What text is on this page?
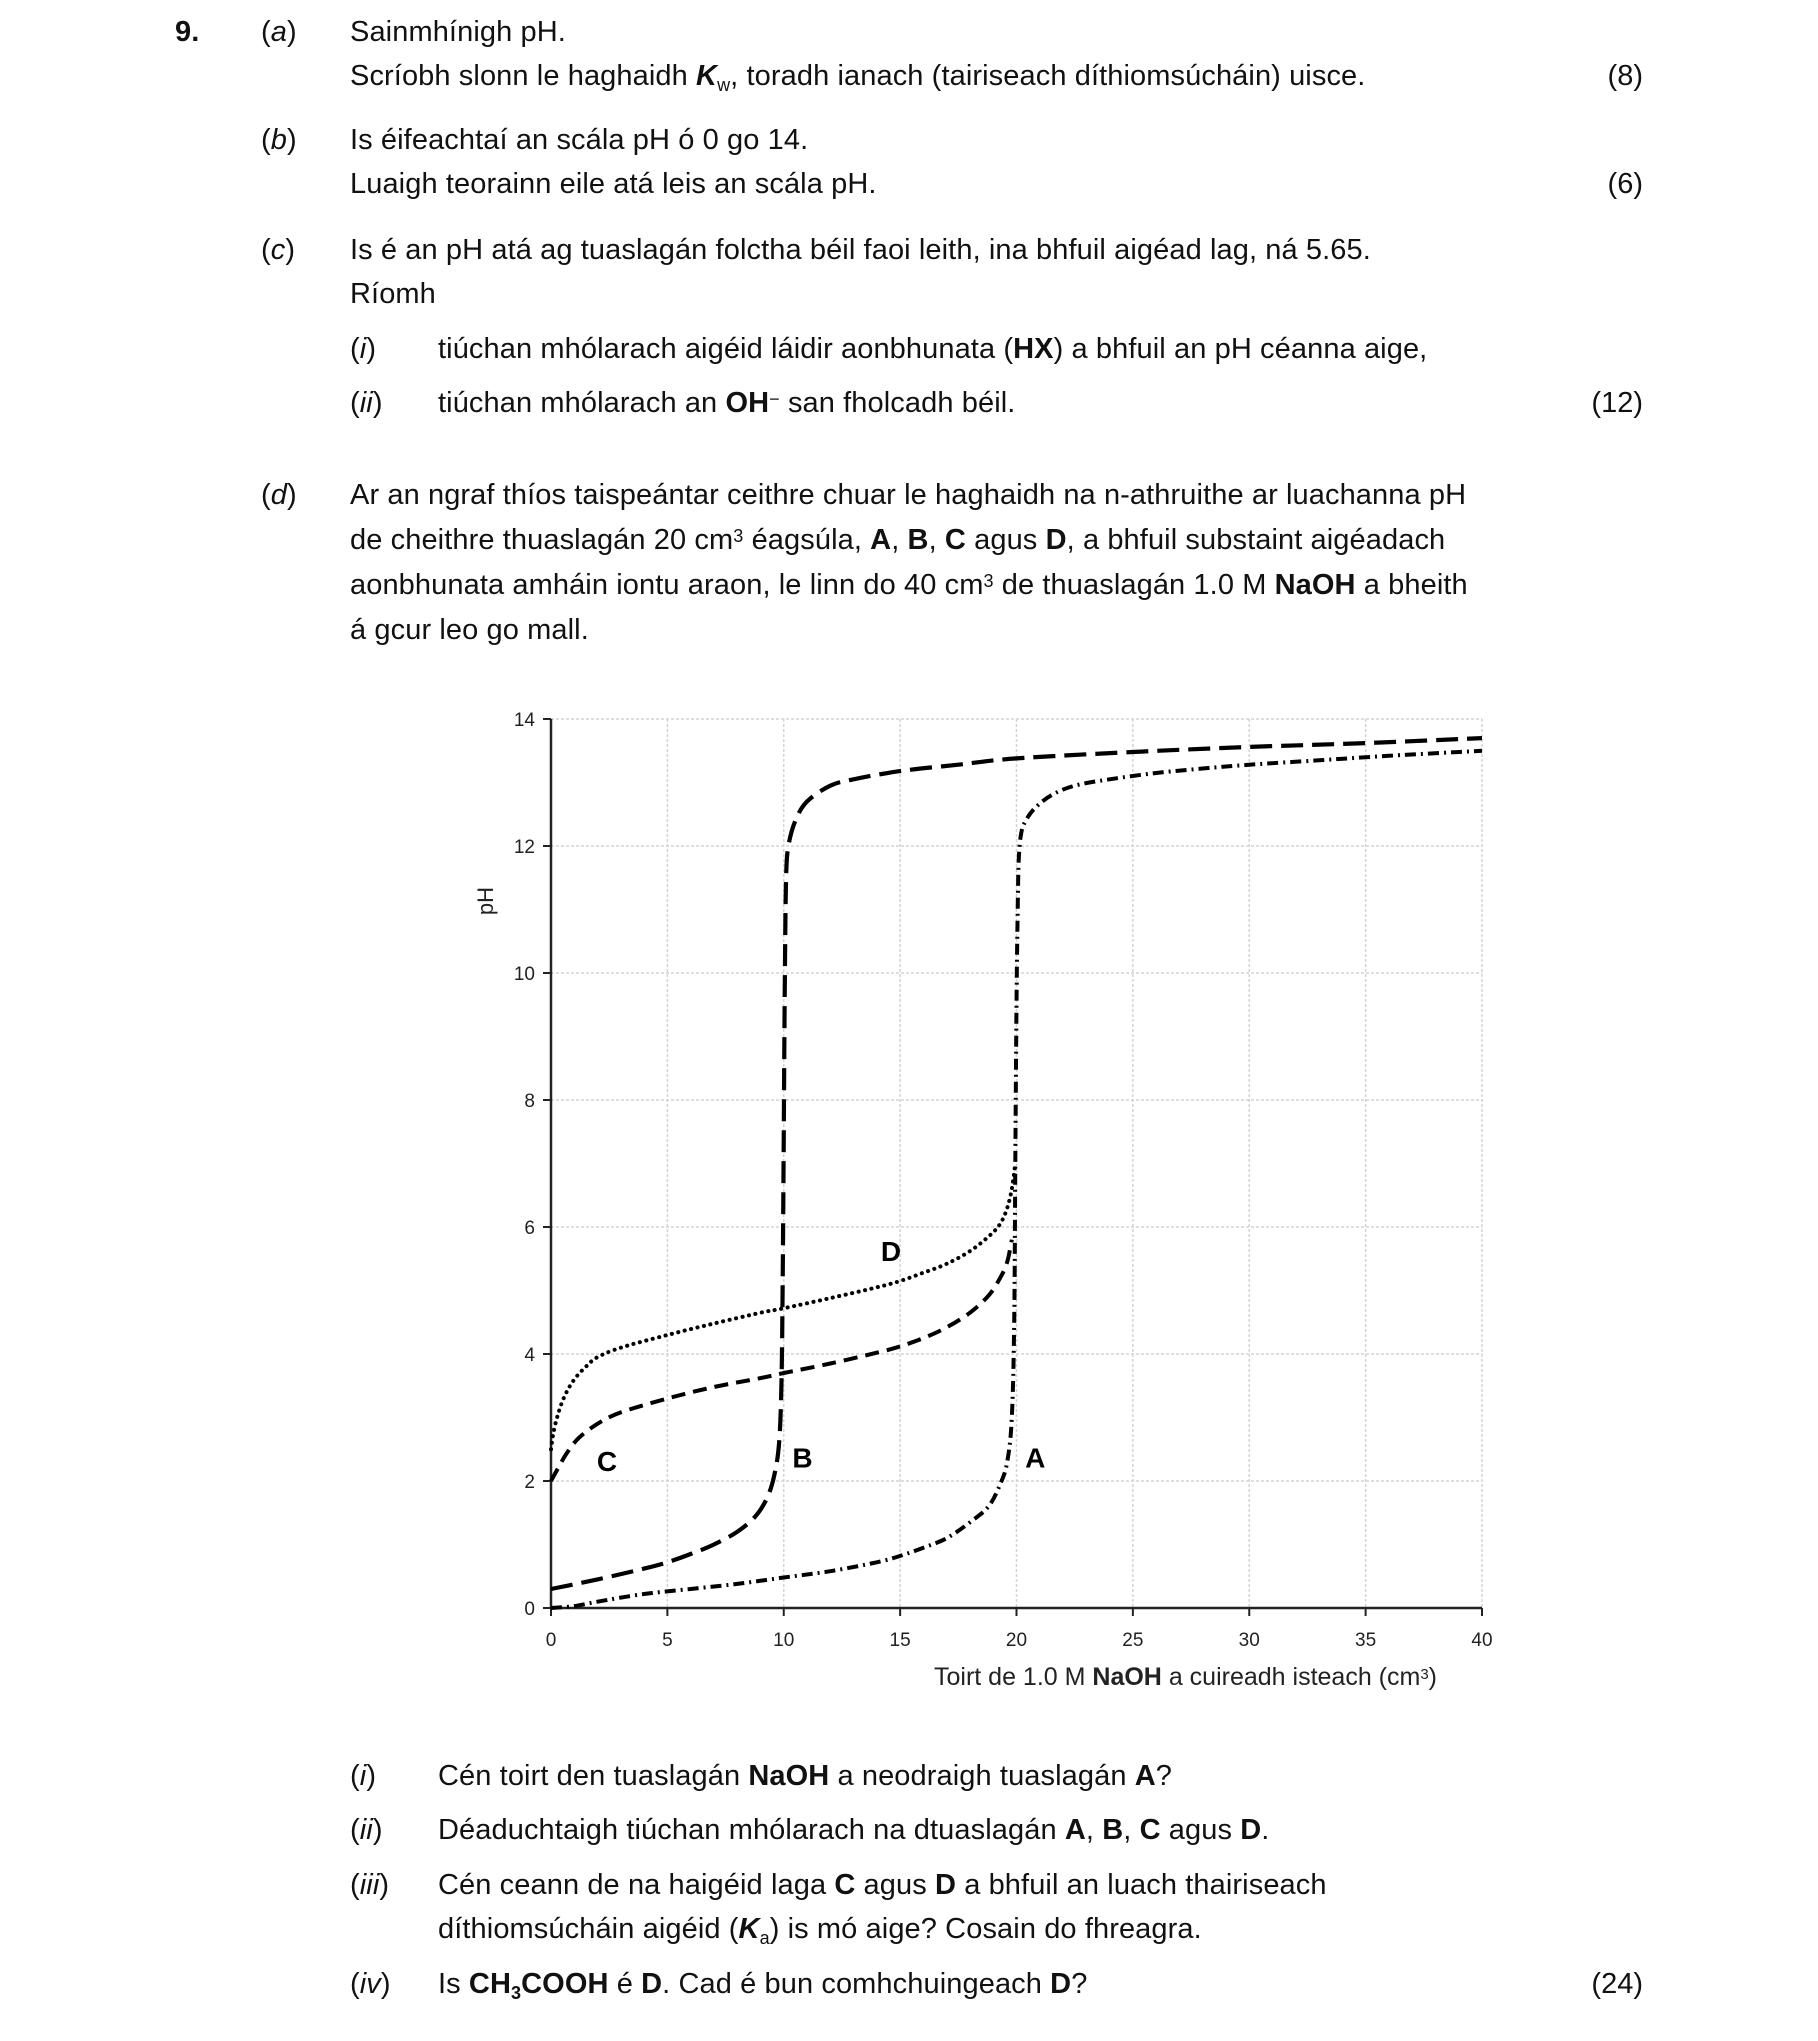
9. (a) Sainmhínigh pH.
Scríobh slonn le haghaidh $K_w$, toradh ianach (tairiseach díthiomsúcháin) uisce.	(8)
(b) Is éifeachtaí an scála pH ó 0 go 14.
Luaigh teorainn eile atá leis an scála pH.	(6)
(c) Is é an pH atá ag tuaslagán folctha béil faoi leith, ina bhfuil aigéad lag, ná 5.65.
Ríomh
(i) tiúchan mhólarach aigéid láidir aonbhunata (HX) a bhfuil an pH céanna aige,
(ii) tiúchan mhólarach an OH− san fholcadh béil.	(12)
(d) Ar an ngraf thíos taispeántar ceithre chuar le haghaidh na n-athruithe ar luachanna pH
de cheithre thuaslagán 20 $cm^3$ éagsúla, A, B, C agus D, a bhfuil substaint aigéadach
aonbhunata amháin iontu araon, le linn do 40 $cm^3$ de thuaslagán 1.0 M NaOH a bheith
á gcur leo go mall.
0
2
4
6
8
10
12
14
0	5	10	15	20	25	30	35	40
A
B
C
D
pH
Toirt de 1.0 M NaOH a cuireadh isteach $(cm^3)$
(i) Cén toirt den tuaslagán NaOH a neodraigh tuaslagán A?
(ii) Déaduchtaigh tiúchan mhólarach na dtuaslagán A, B, C agus D.
(iii) Cén ceann de na haigéid laga C agus D a bhfuil an luach thairiseach
díthiomsúcháin aigéid $(K_a)$ is mó aige? Cosain do fhreagra.
(iv) Is $CH_3COOH$ é D. Cad é bun comhchuingeach D?	(24)
